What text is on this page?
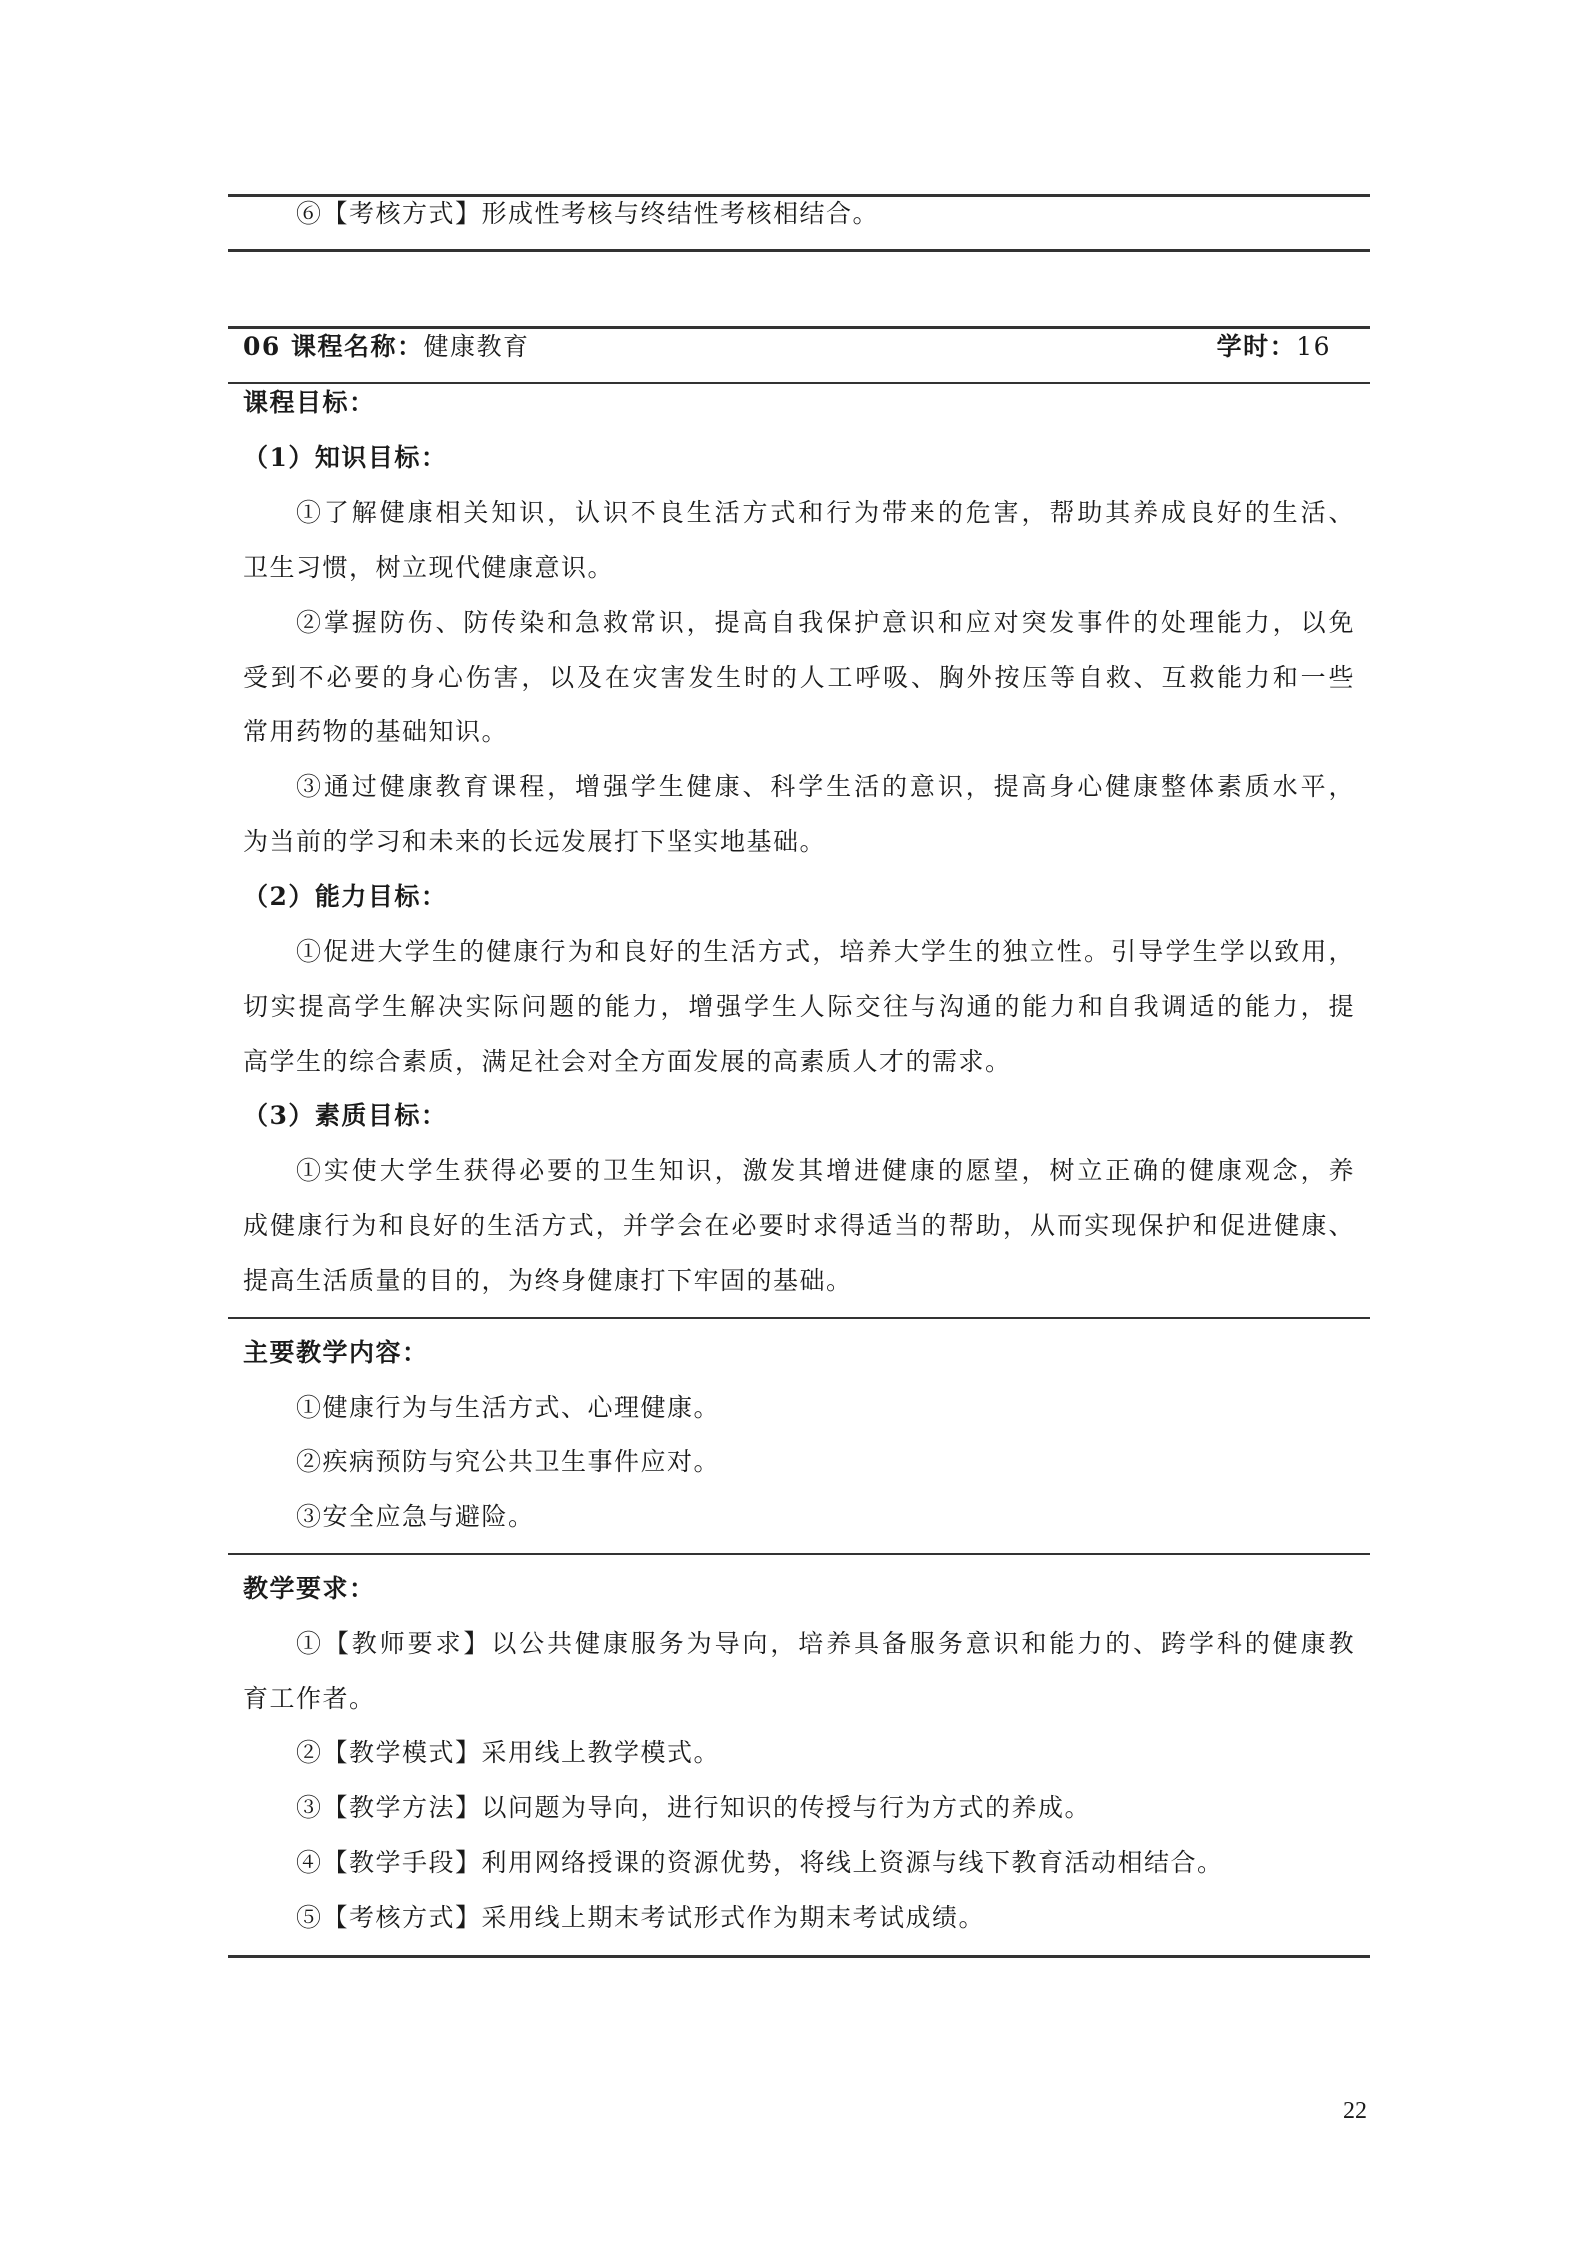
⑥【考核方式】形成性考核与终结性考核相结合。
06 课程名称：健康教育	学时：16
课程目标：
（1）知识目标：
①了解健康相关知识，认识不良生活方式和行为带来的危害，帮助其养成良好的生活、
卫生习惯，树立现代健康意识。
②掌握防伤、防传染和急救常识，提高自我保护意识和应对突发事件的处理能力，以免
受到不必要的身心伤害，以及在灾害发生时的人工呼吸、胸外按压等自救、互救能力和一些
常用药物的基础知识。
③通过健康教育课程，增强学生健康、科学生活的意识，提高身心健康整体素质水平，
为当前的学习和未来的长远发展打下坚实地基础。
（2）能力目标：
①促进大学生的健康行为和良好的生活方式，培养大学生的独立性。引导学生学以致用，
切实提高学生解决实际问题的能力，增强学生人际交往与沟通的能力和自我调适的能力，提
高学生的综合素质，满足社会对全方面发展的高素质人才的需求。
（3）素质目标：
①实使大学生获得必要的卫生知识，激发其增进健康的愿望，树立正确的健康观念，养
成健康行为和良好的生活方式，并学会在必要时求得适当的帮助，从而实现保护和促进健康、
提高生活质量的目的，为终身健康打下牢固的基础。
主要教学内容：
①健康行为与生活方式、心理健康。
②疾病预防与究公共卫生事件应对。
③安全应急与避险。
教学要求：
①【教师要求】以公共健康服务为导向，培养具备服务意识和能力的、跨学科的健康教
育工作者。
②【教学模式】采用线上教学模式。
③【教学方法】以问题为导向，进行知识的传授与行为方式的养成。
④【教学手段】利用网络授课的资源优势，将线上资源与线下教育活动相结合。
⑤【考核方式】采用线上期末考试形式作为期末考试成绩。
22
